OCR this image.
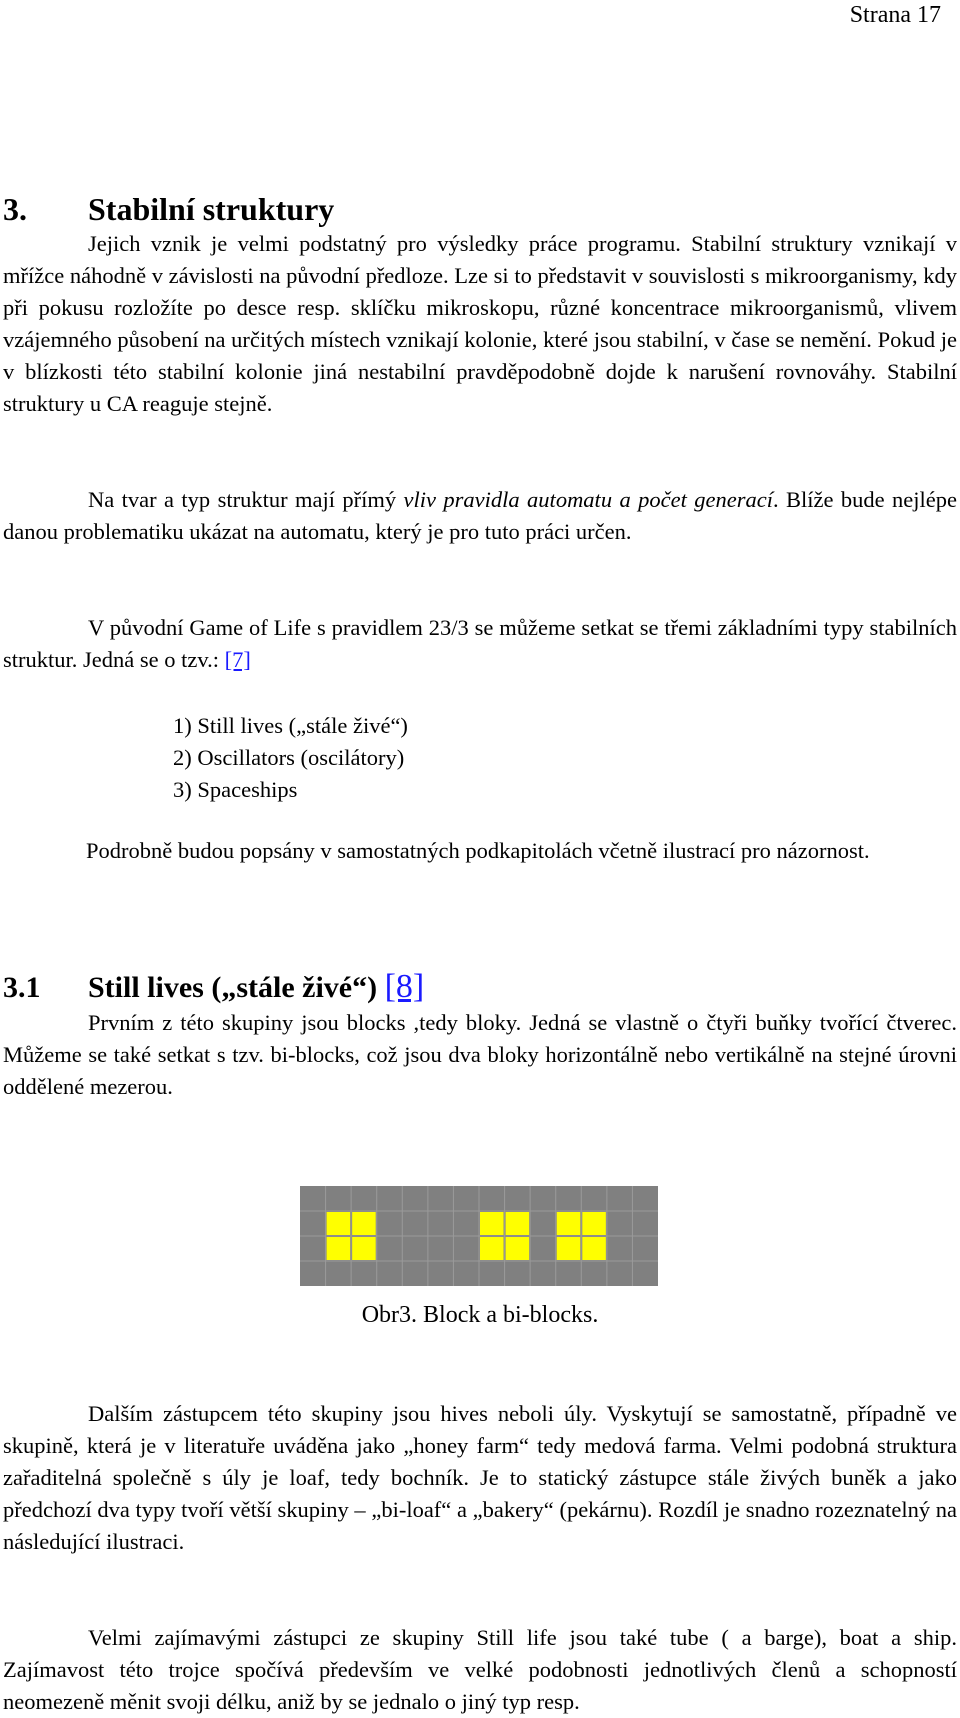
Strana 17
3. Stabilní struktury
Jejich vznik je velmi podstatný pro výsledky práce programu. Stabilní struktury vznikají v mřížce náhodně v závislosti na původní předloze. Lze si to představit v souvislosti s mikroorganismy, kdy při pokusu rozložíte po desce resp. sklíčku mikroskopu, různé koncentrace mikroorganismů, vlivem vzájemného působení na určitých místech vznikají kolonie, které jsou stabilní, v čase se nemění. Pokud je v blízkosti této stabilní kolonie jiná nestabilní pravděpodobně dojde k narušení rovnováhy. Stabilní struktury u CA reaguje stejně.
Na tvar a typ struktur mají přímý vliv pravidla automatu a počet generací. Blíže bude nejlépe danou problematiku ukázat na automatu, který je pro tuto práci určen.
V původní Game of Life s pravidlem 23/3 se můžeme setkat se třemi základními typy stabilních struktur. Jedná se o tzv.: [7]
1) Still lives („stále živé“)
2) Oscillators (oscilátory)
3) Spaceships
Podrobně budou popsány v samostatných podkapitolách včetně ilustrací pro názornost.
3.1 Still lives („stále živé“) [8]
Prvním z této skupiny jsou blocks ,tedy bloky. Jedná se vlastně o čtyři buňky tvořící čtverec. Můžeme se také setkat s tzv. bi-blocks, což jsou dva bloky horizontálně nebo vertikálně na stejné úrovni oddělené mezerou.
Obr3. Block a bi-blocks.
Dalším zástupcem této skupiny jsou hives neboli úly. Vyskytují se samostatně, případně ve skupině, která je v literatuře uváděna jako „honey farm“ tedy medová farma. Velmi podobná struktura zařaditelná společně s úly je loaf, tedy bochník. Je to statický zástupce stále živých buněk a jako předchozí dva typy tvoří větší skupiny – „bi-loaf“ a „bakery“ (pekárnu). Rozdíl je snadno rozeznatelný na následující ilustraci.
Velmi zajímavými zástupci ze skupiny Still life jsou také tube ( a barge), boat a ship. Zajímavost této trojce spočívá především ve velké podobnosti jednotlivých členů a schopností neomezeně měnit svoji délku, aniž by se jednalo o jiný typ resp.
